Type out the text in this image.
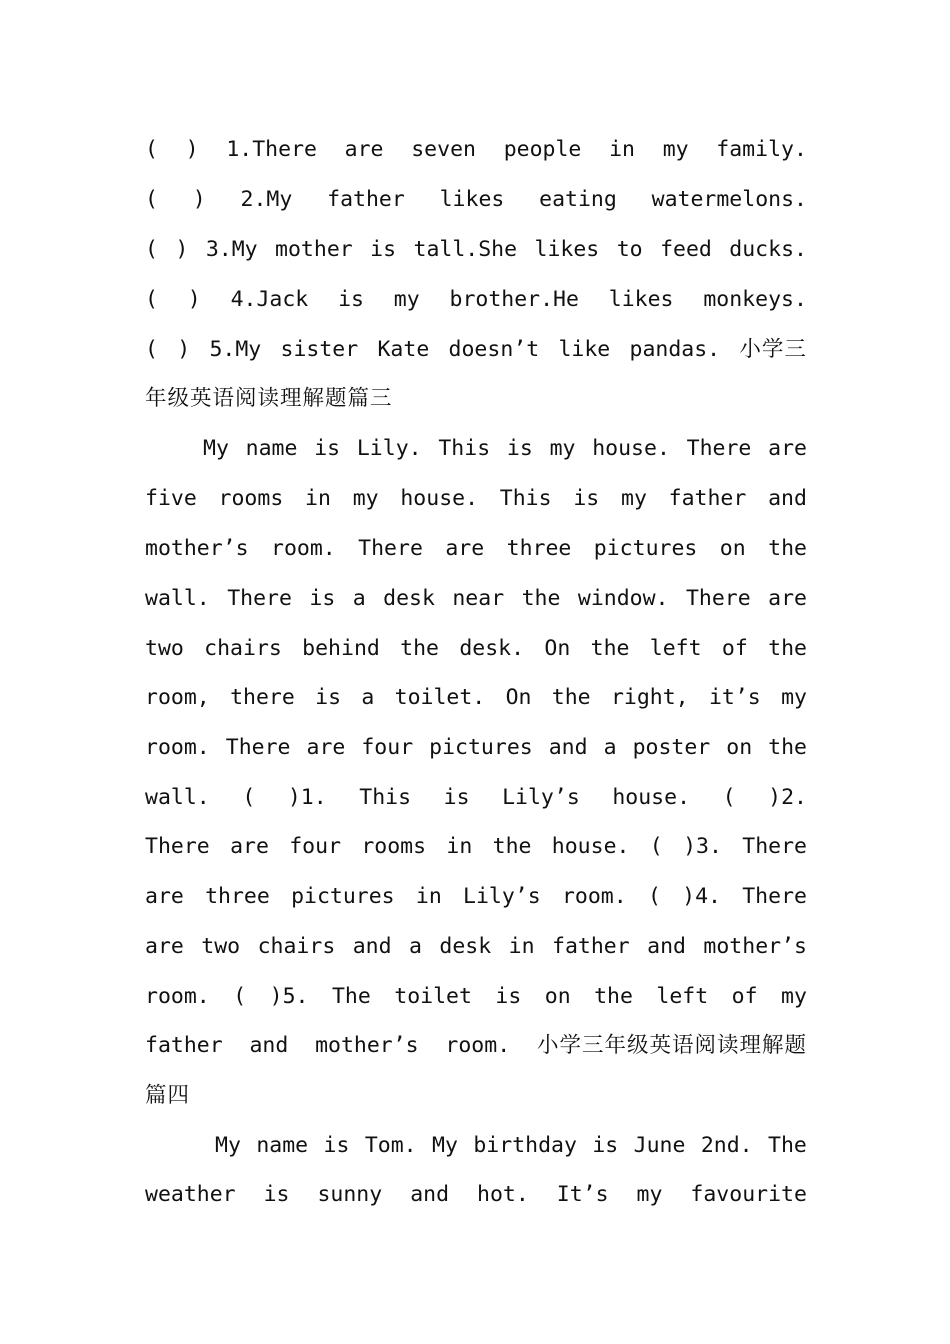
( ) 1.There are seven people in my family.
( ) 2.My father likes eating watermelons.
( ) 3.My mother is tall.She likes to feed ducks.
( ) 4.Jack is my brother.He likes monkeys.
( ) 5.My sister Kate doesn’t like pandas. 小学三
年级英语阅读理解题篇三
My name is Lily. This is my house. There are
five rooms in my house. This is my father and
mother’s room. There are three pictures on the
wall. There is a desk near the window. There are
two chairs behind the desk. On the left of the
room, there is a toilet. On the right, it’s my
room. There are four pictures and a poster on the
wall. ( )1. This is Lily’s house. ( )2.
There are four rooms in the house. ( )3. There
are three pictures in Lily’s room. ( )4. There
are two chairs and a desk in father and mother’s
room. ( )5. The toilet is on the left of my
father and mother’s room. 小学三年级英语阅读理解题
篇四
My name is Tom. My birthday is June 2nd. The
weather is sunny and hot. It’s my favourite
